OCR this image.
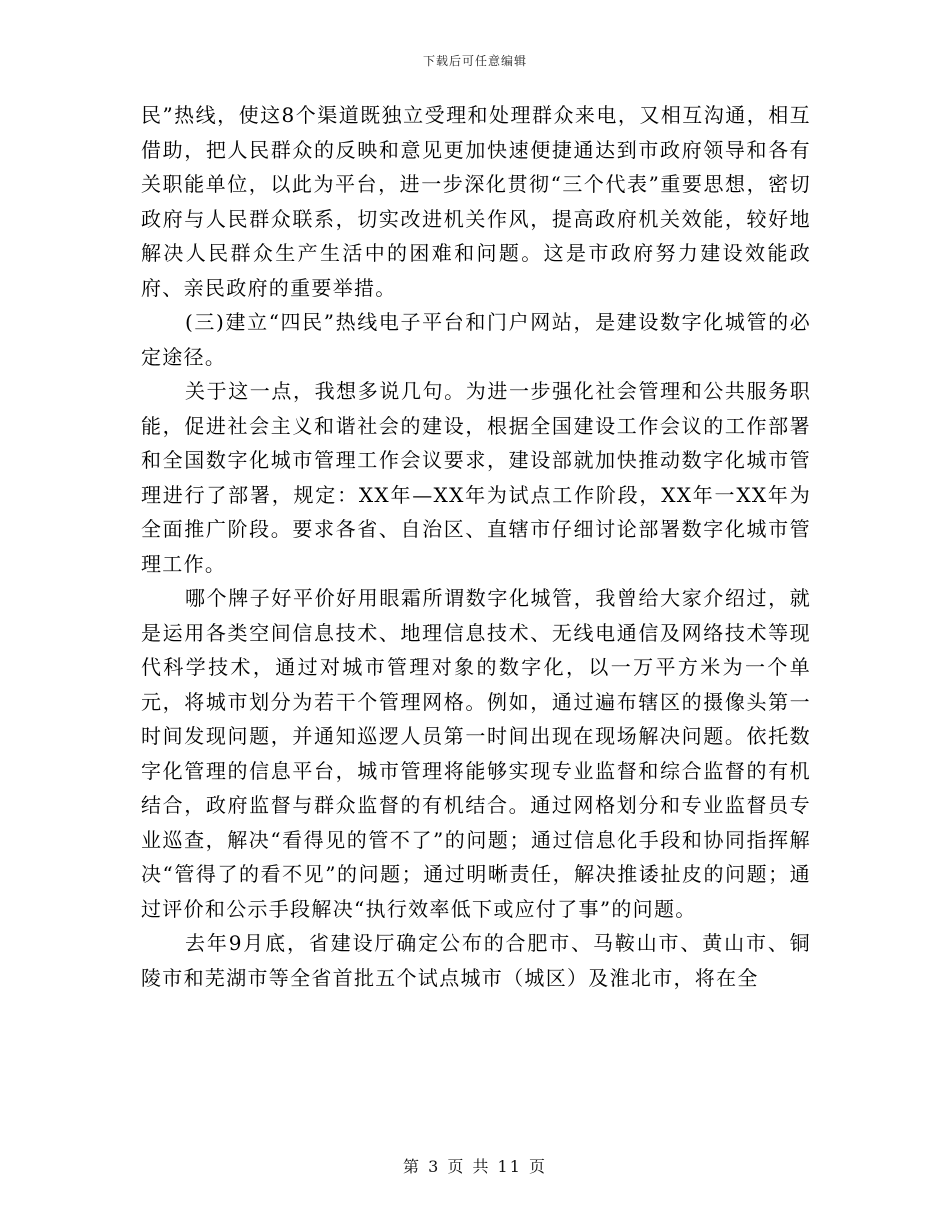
下载后可任意编辑

民”热线，使这8个渠道既独立受理和处理群众来电，又相互沟通，相互借助，把人民群众的反映和意见更加快速便捷通达到市政府领导和各有关职能单位，以此为平台，进一步深化贯彻“三个代表”重要思想，密切政府与人民群众联系，切实改进机关作风，提高政府机关效能，较好地解决人民群众生产生活中的困难和问题。这是市政府努力建设效能政府、亲民政府的重要举措。

(三)建立“四民”热线电子平台和门户网站，是建设数字化城管的必定途径。

关于这一点，我想多说几句。为进一步强化社会管理和公共服务职能，促进社会主义和谐社会的建设，根据全国建设工作会议的工作部署和全国数字化城市管理工作会议要求，建设部就加快推动数字化城市管理进行了部署，规定：XX年—XX年为试点工作阶段，XX年一XX年为全面推广阶段。要求各省、自治区、直辖市仔细讨论部署数字化城市管理工作。

哪个牌子好平价好用眼霜所谓数字化城管，我曾给大家介绍过，就是运用各类空间信息技术、地理信息技术、无线电通信及网络技术等现代科学技术，通过对城市管理对象的数字化，以一万平方米为一个单元，将城市划分为若干个管理网格。例如，通过遍布辖区的摄像头第一时间发现问题，并通知巡逻人员第一时间出现在现场解决问题。依托数字化管理的信息平台，城市管理将能够实现专业监督和综合监督的有机结合，政府监督与群众监督的有机结合。通过网格划分和专业监督员专业巡查，解决“看得见的管不了”的问题；通过信息化手段和协同指挥解决“管得了的看不见”的问题；通过明晰责任，解决推诿扯皮的问题；通过评价和公示手段解决“执行效率低下或应付了事”的问题。

去年9月底，省建设厅确定公布的合肥市、马鞍山市、黄山市、铜陵市和芜湖市等全省首批五个试点城市（城区）及淮北市，将在全

第 3 页 共 11 页
